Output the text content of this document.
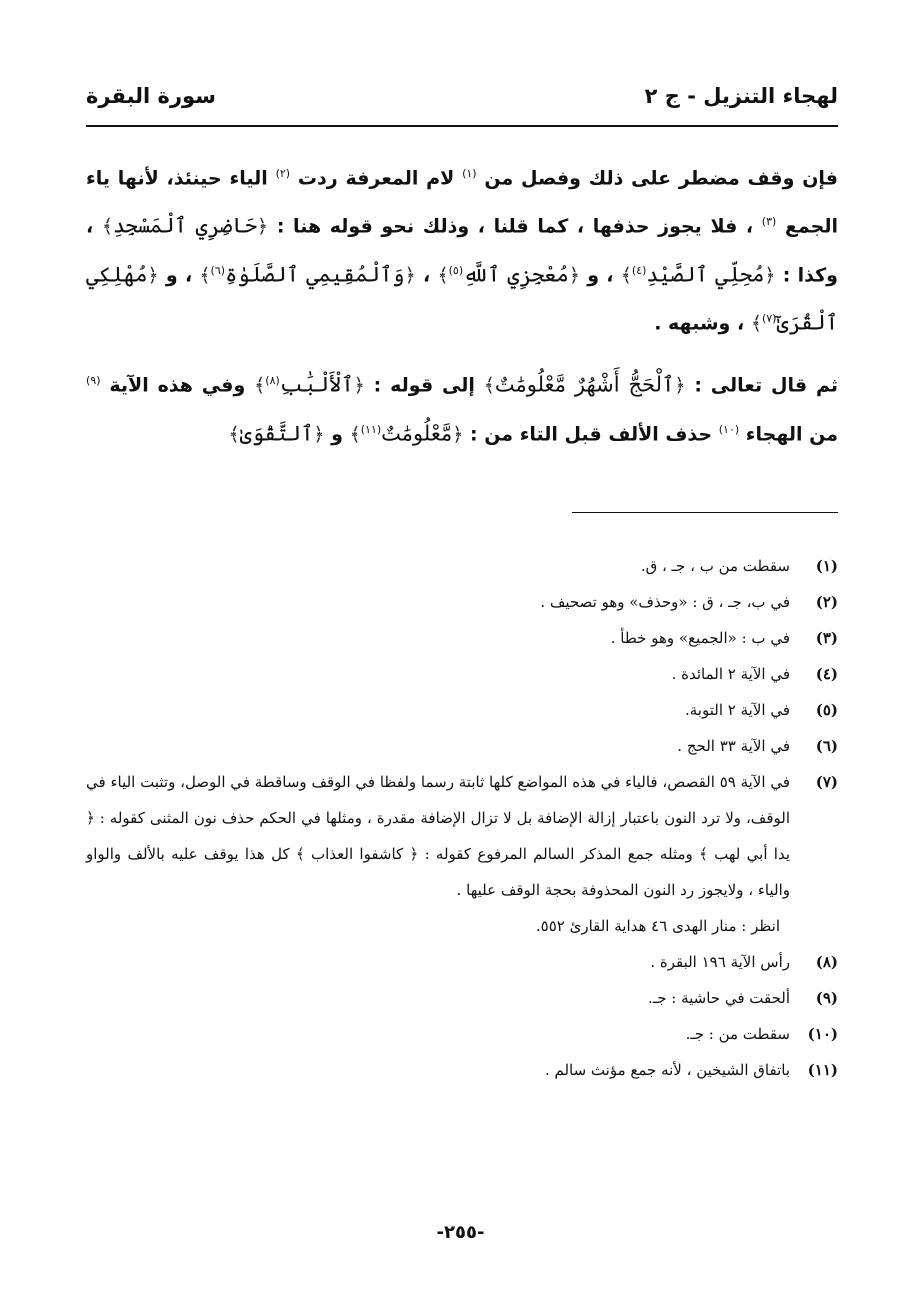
لهجاء التنزيل - ج ٢
سورة البقرة

فإن وقف مضطر على ذلك وفصل من $^{(١)}$ لام المعرفة ردت $^{(٢)}$ الياء حينئذ، لأنها ياء الجمع $^{(٣)}$ ، فلا يجوز حذفها ، كما قلنا ، وذلك نحو قوله هنا : ﴿حَاضِرِي ٱلْمَسْجِدِ﴾ ، وكذا : ﴿مُحِلِّي ٱلصَّيْدِ$^{(٤)}$﴾ ، و ﴿مُعْجِزِي ٱللَّهِ$^{(٥)}$﴾ ، ﴿وَٱلْمُقِيمِي ٱلصَّلَوٰةِ$^{(٦)}$﴾ ، و ﴿مُهْلِكِي ٱلْقُرَىٰٓ$^{(٧)}$﴾ ، وشبهه .

ثم قال تعالى : ﴿ٱلْحَجُّ أَشْهُرٌ مَّعْلُومَٰتٌ﴾ إلى قوله : ﴿ٱلْأَلْبَٰبِ$^{(٨)}$﴾ وفي هذه الآية $^{(٩)}$ من الهجاء $^{(١٠)}$ حذف الألف قبل التاء من : ﴿مَّعْلُومَٰتٌ$^{(١١)}$﴾ و ﴿ٱلتَّقْوَىٰ﴾

(١)
سقطت من ب ، جـ ، ق.
(٢)
في ب، جـ ، ق : «وحذف» وهو تصحيف .
(٣)
في ب : «الجميع» وهو خطأ .
(٤)
في الآية ٢ المائدة .
(٥)
في الآية ٢ التوبة.
(٦)
في الآية ٣٣ الحج .
(٧)
في الآية ٥٩ القصص، فالياء في هذه المواضع كلها ثابتة رسما ولفظا في الوقف وساقطة في الوصل، وتثبت الياء في الوقف، ولا ترد النون باعتبار إزالة الإضافة بل لا تزال الإضافة مقدرة ، ومثلها في الحكم حذف نون المثنى كقوله : ﴿ يدا أبي لهب ﴾ ومثله جمع المذكر السالم المرفوع كقوله : ﴿ كاشفوا العذاب ﴾ كل هذا يوقف عليه بالألف والواو والياء ، ولايجوز رد النون المحذوفة بحجة الوقف عليها .
انظر : منار الهدى ٤٦ هداية القارئ ٥٥٢.
(٨)
رأس الآية ١٩٦ البقرة .
(٩)
ألحقت في حاشية : جـ.
(١٠)
سقطت من : جـ.
(١١)
باتفاق الشيخين ، لأنه جمع مؤنث سالم .
-٢٥٥-
